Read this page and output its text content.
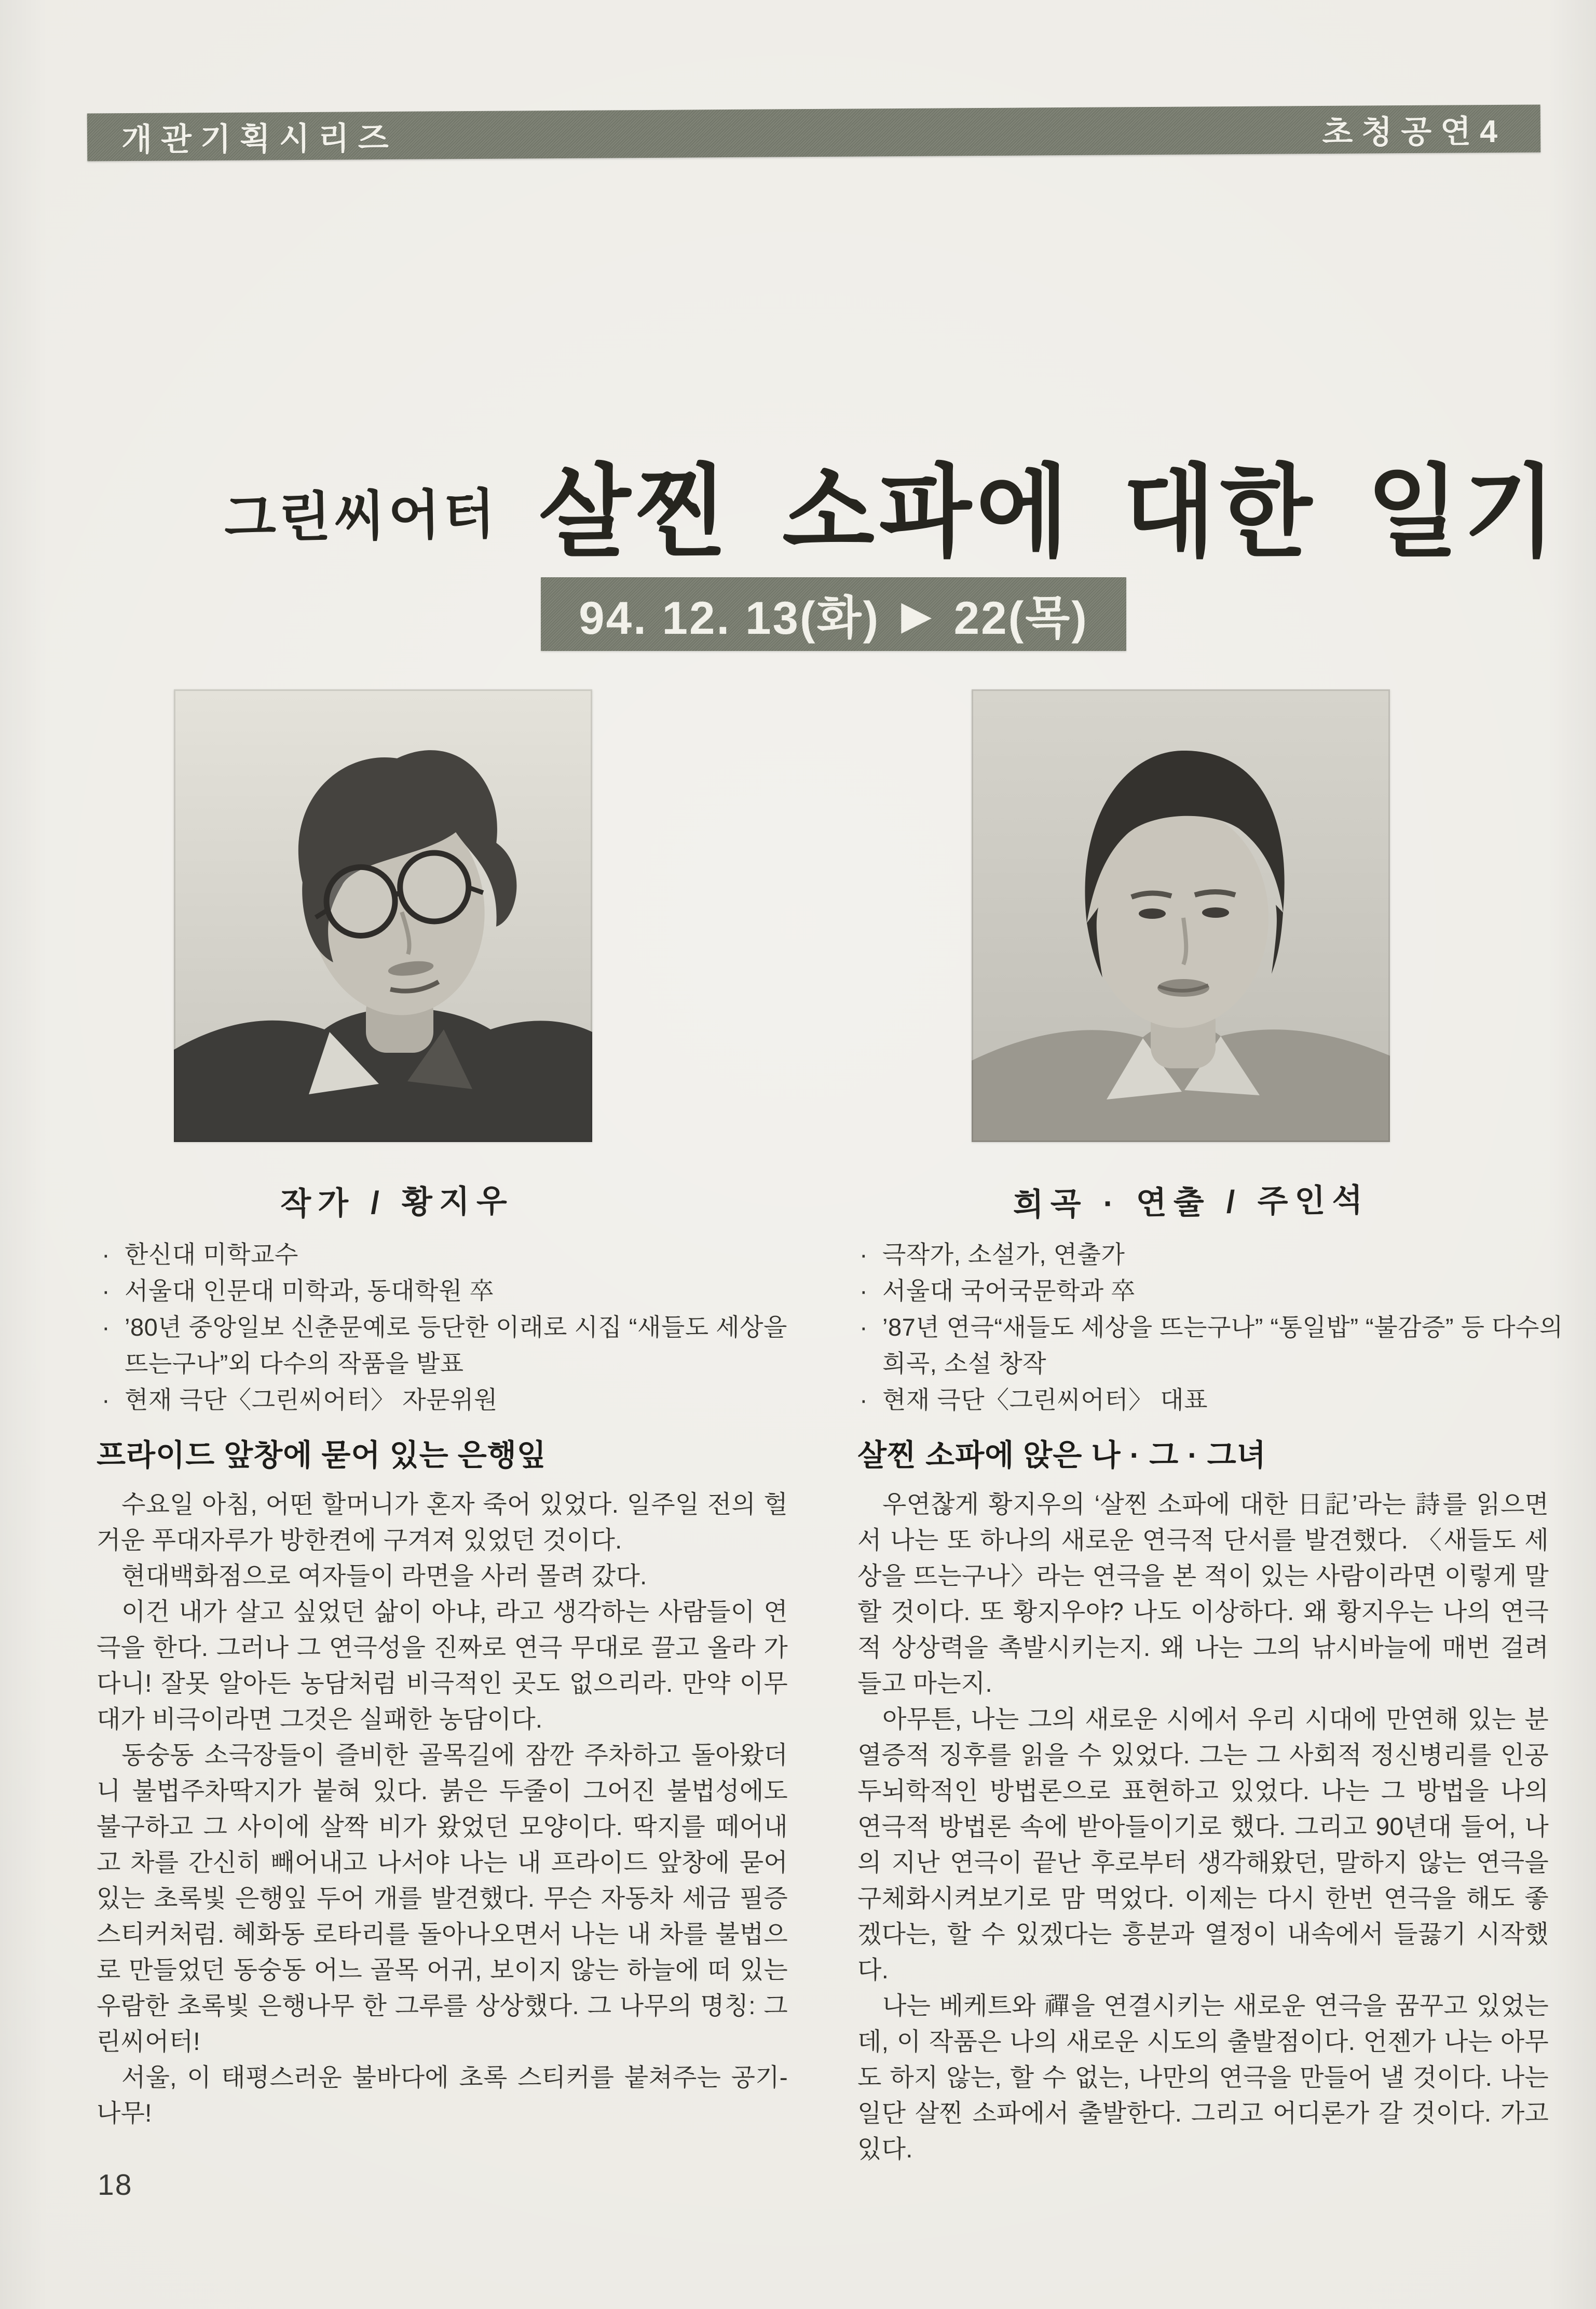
개관기획시리즈	초청공연4
그린씨어터 살찐 소파에 대한 일기
94. 12. 13(화) ▶ 22(목)
작가 / 황지우	희곡 · 연출 / 주인석
· 한신대 미학교수
· 서울대 인문대 미학과, 동대학원 卒
· ’80년 중앙일보 신춘문예로 등단한 이래로 시집 “새들도 세상을 뜨는구나”외 다수의 작품을 발표
· 현재 극단〈그린씨어터〉 자문위원
· 극작가, 소설가, 연출가
· 서울대 국어국문학과 卒
· ’87년 연극“새들도 세상을 뜨는구나” “통일밥” “불감증” 등 다수의 희곡, 소설 창작
· 현재 극단〈그린씨어터〉 대표
프라이드 앞창에 묻어 있는 은행잎

수요일 아침, 어떤 할머니가 혼자 죽어 있었다. 일주일 전의 헐거운 푸대자루가 방한켠에 구겨져 있었던 것이다.

현대백화점으로 여자들이 라면을 사러 몰려 갔다.

이건 내가 살고 싶었던 삶이 아냐, 라고 생각하는 사람들이 연극을 한다. 그러나 그 연극성을 진짜로 연극 무대로 끌고 올라 가다니! 잘못 알아든 농담처럼 비극적인 곳도 없으리라. 만약 이무대가 비극이라면 그것은 실패한 농담이다.

동숭동 소극장들이 즐비한 골목길에 잠깐 주차하고 돌아왔더니 불법주차딱지가 붙혀 있다. 붉은 두줄이 그어진 불법성에도 불구하고 그 사이에 살짝 비가 왔었던 모양이다. 딱지를 떼어내고 차를 간신히 빼어내고 나서야 나는 내 프라이드 앞창에 묻어있는 초록빛 은행잎 두어 개를 발견했다. 무슨 자동차 세금 필증 스티커처럼. 혜화동 로타리를 돌아나오면서 나는 내 차를 불법으로 만들었던 동숭동 어느 골목 어귀, 보이지 않는 하늘에 떠 있는 우람한 초록빛 은행나무 한 그루를 상상했다. 그 나무의 명칭: 그린씨어터!

서울, 이 태평스러운 불바다에 초록 스티커를 붙쳐주는 공기- 나무!

살찐 소파에 앉은 나 · 그 · 그녀

우연찮게 황지우의 ‘살찐 소파에 대한 日記’라는 詩를 읽으면서 나는 또 하나의 새로운 연극적 단서를 발견했다. 〈새들도 세상을 뜨는구나〉라는 연극을 본 적이 있는 사람이라면 이렇게 말할 것이다. 또 황지우야? 나도 이상하다. 왜 황지우는 나의 연극적 상상력을 촉발시키는지. 왜 나는 그의 낚시바늘에 매번 걸려들고 마는지.

아무튼, 나는 그의 새로운 시에서 우리 시대에 만연해 있는 분열증적 징후를 읽을 수 있었다. 그는 그 사회적 정신병리를 인공두뇌학적인 방법론으로 표현하고 있었다. 나는 그 방법을 나의 연극적 방법론 속에 받아들이기로 했다. 그리고 90년대 들어, 나의 지난 연극이 끝난 후로부터 생각해왔던, 말하지 않는 연극을 구체화시켜보기로 맘 먹었다. 이제는 다시 한번 연극을 해도 좋겠다는, 할 수 있겠다는 흥분과 열정이 내속에서 들끓기 시작했다.

나는 베케트와 禪을 연결시키는 새로운 연극을 꿈꾸고 있었는데, 이 작품은 나의 새로운 시도의 출발점이다. 언젠가 나는 아무도 하지 않는, 할 수 없는, 나만의 연극을 만들어 낼 것이다. 나는 일단 살찐 소파에서 출발한다. 그리고 어디론가 갈 것이다. 가고 있다.

18
